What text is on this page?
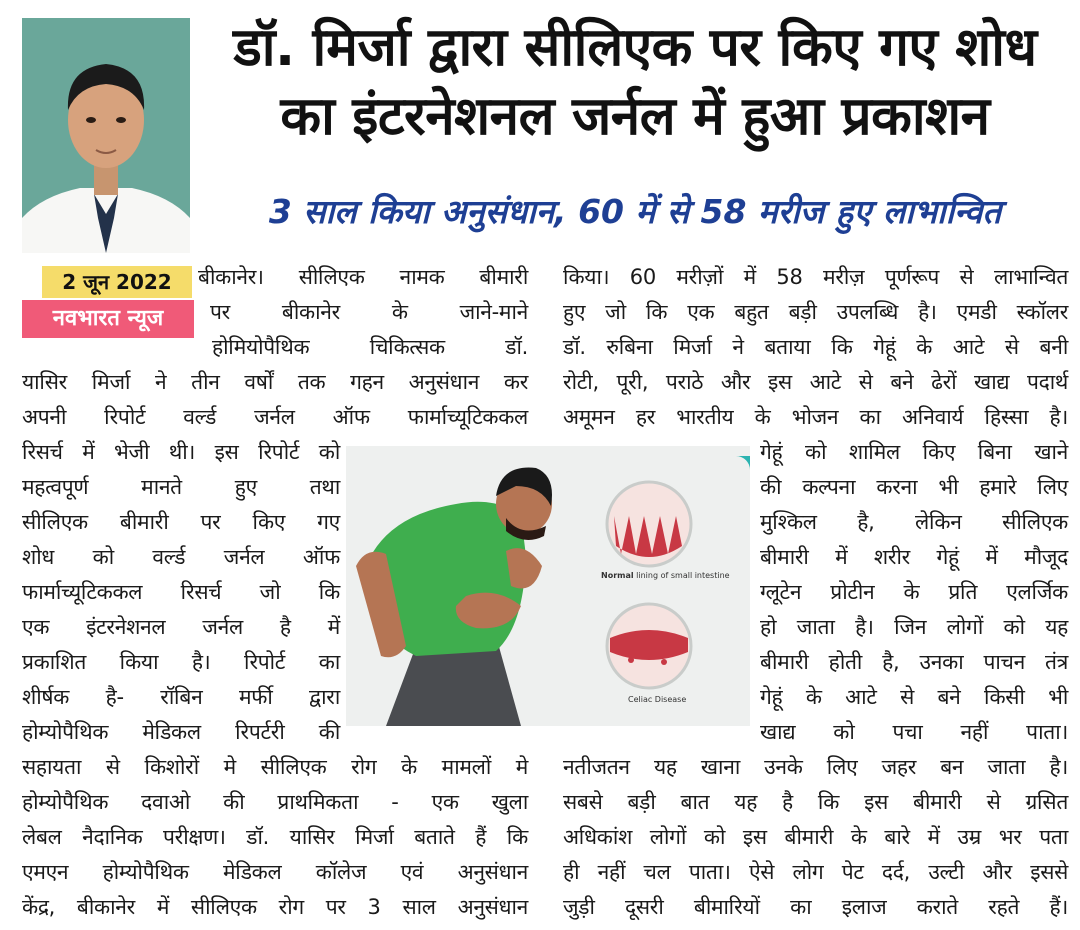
डॉ. मिर्जा द्वारा सीलिएक पर किए गए शोध
का इंटरनेशनल जर्नल में हुआ प्रकाशन
3 साल किया अनुसंधान, 60 में से 58 मरीज हुए लाभान्वित
2 जून 2022
नवभारत न्यूज
बीकानेर। सीलिएक नामक बीमारी
पर बीकानेर के जाने-माने
होमियोपैथिक चिकित्सक डॉ.
यासिर मिर्जा ने तीन वर्षों तक गहन अनुसंधान कर
अपनी रिपोर्ट वर्ल्ड जर्नल ऑफ फार्माच्यूटिककल
रिसर्च में भेजी थी। इस रिपोर्ट को
महत्वपूर्ण मानते हुए तथा
सीलिएक बीमारी पर किए गए
शोध को वर्ल्ड जर्नल ऑफ
फार्माच्यूटिककल रिसर्च जो कि
एक इंटरनेशनल जर्नल है में
प्रकाशित किया है। रिपोर्ट का
शीर्षक है- रॉबिन मर्फी द्वारा
होम्योपैथिक मेडिकल रिपर्टरी की
सहायता से किशोरों मे सीलिएक रोग के मामलों मे
होम्योपैथिक दवाओ की प्राथमिकता - एक खुला
लेबल नैदानिक परीक्षण। डॉ. यासिर मिर्जा बताते हैं कि
एमएन होम्योपैथिक मेडिकल कॉलेज एवं अनुसंधान
केंद्र, बीकानेर में सीलिएक रोग पर 3 साल अनुसंधान
किया। 60 मरीज़ों में 58 मरीज़ पूर्णरूप से लाभान्वित
हुए जो कि एक बहुत बड़ी उपलब्धि है। एमडी स्कॉलर
डॉ. रुबिना मिर्जा ने बताया कि गेहूं के आटे से बनी
रोटी, पूरी, पराठे और इस आटे से बने ढेरों खाद्य पदार्थ
अमूमन हर भारतीय के भोजन का अनिवार्य हिस्सा है।
गेहूं को शामिल किए बिना खाने
की कल्पना करना भी हमारे लिए
मुश्किल है, लेकिन सीलिएक
बीमारी में शरीर गेहूं में मौजूद
ग्लूटेन प्रोटीन के प्रति एलर्जिक
हो जाता है। जिन लोगों को यह
बीमारी होती है, उनका पाचन तंत्र
गेहूं के आटे से बने किसी भी
खाद्य को पचा नहीं पाता।
नतीजतन यह खाना उनके लिए जहर बन जाता है।
सबसे बड़ी बात यह है कि इस बीमारी से ग्रसित
अधिकांश लोगों को इस बीमारी के बारे में उम्र भर पता
ही नहीं चल पाता। ऐसे लोग पेट दर्द, उल्टी और इससे
जुड़ी दूसरी बीमारियों का इलाज कराते रहते हैं।
Normal lining of small intestine
Celiac Disease
